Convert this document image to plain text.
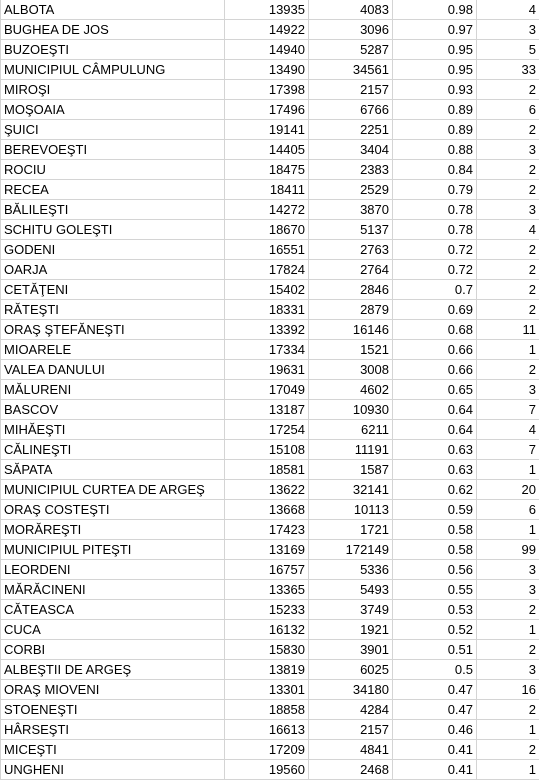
ALBOTA	13935	4083	0.98	4
BUGHEA DE JOS	14922	3096	0.97	3
BUZOEŞTI	14940	5287	0.95	5
MUNICIPIUL CÂMPULUNG	13490	34561	0.95	33
MIROŞI	17398	2157	0.93	2
MOŞOAIA	17496	6766	0.89	6
ŞUICI	19141	2251	0.89	2
BEREVOEŞTI	14405	3404	0.88	3
ROCIU	18475	2383	0.84	2
RECEA	18411	2529	0.79	2
BĂLILEŞTI	14272	3870	0.78	3
SCHITU GOLEŞTI	18670	5137	0.78	4
GODENI	16551	2763	0.72	2
OARJA	17824	2764	0.72	2
CETĂŢENI	15402	2846	0.7	2
RĂTEŞTI	18331	2879	0.69	2
ORAŞ ŞTEFĂNEŞTI	13392	16146	0.68	11
MIOARELE	17334	1521	0.66	1
VALEA DANULUI	19631	3008	0.66	2
MĂLURENI	17049	4602	0.65	3
BASCOV	13187	10930	0.64	7
MIHĂEŞTI	17254	6211	0.64	4
CĂLINEŞTI	15108	11191	0.63	7
SĂPATA	18581	1587	0.63	1
MUNICIPIUL CURTEA DE ARGEŞ	13622	32141	0.62	20
ORAŞ COSTEŞTI	13668	10113	0.59	6
MORĂREŞTI	17423	1721	0.58	1
MUNICIPIUL PITEŞTI	13169	172149	0.58	99
LEORDENI	16757	5336	0.56	3
MĂRĂCINENI	13365	5493	0.55	3
CĂTEASCA	15233	3749	0.53	2
CUCA	16132	1921	0.52	1
CORBI	15830	3901	0.51	2
ALBEŞTII DE ARGEŞ	13819	6025	0.5	3
ORAŞ MIOVENI	13301	34180	0.47	16
STOENEŞTI	18858	4284	0.47	2
HÂRSEŞTI	16613	2157	0.46	1
MICEŞTI	17209	4841	0.41	2
UNGHENI	19560	2468	0.41	1
